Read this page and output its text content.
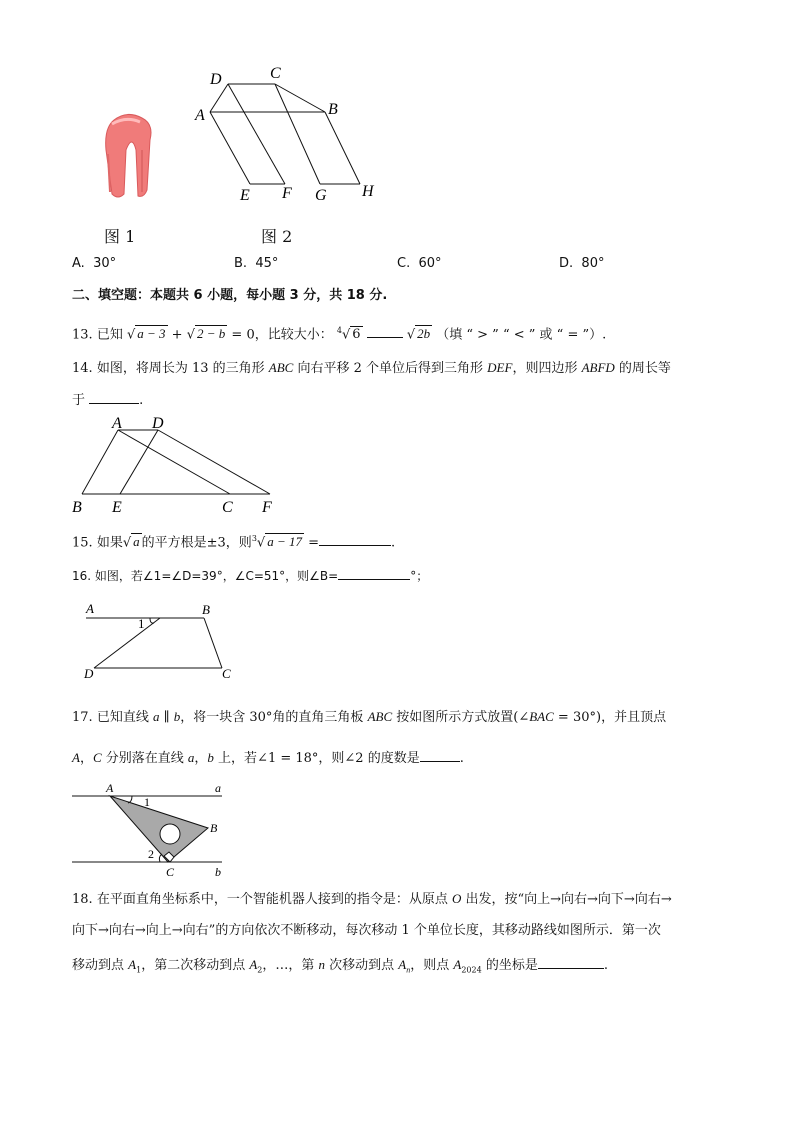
D	C
A	B
E F G H
图 1	图 2
A. 30°	B. 45°	C. 60°	D. 80°
二、填空题：本题共 6 小题，每小题 3 分，共 18 分.
13. 已知 √ a − 3 + √ 2 − b = 0，比较大小： $^4$√ 6	√ 2b （填 “ > ” “ < ” 或 “ = ”）.
14. 如图，将周长为 13 的三角形 ABC 向右平移 2 个单位后得到三角形 DEF，则四边形 ABFD 的周长等
于	.
A D
B E	C F
15. 如果√ a 的平方根是±3，则$^3$√ a − 17 =	.
16. 如图，若∠1=∠D=39°，∠C=51°，则∠B=	°；
A	B
D	C
1
17. 已知直线 a ∥ b，将一块含 30°角的直角三角板 ABC 按如图所示方式放置(∠BAC = 30°)，并且顶点
A，C 分别落在直线 a，b 上，若∠1 = 18°，则∠2 的度数是	.
A	a
1
B
2
C	b
18. 在平面直角坐标系中，一个智能机器人接到的指令是：从原点 O 出发，按“向上→向右→向下→向右→
向下→向右→向上→向右”的方向依次不断移动，每次移动 1 个单位长度，其移动路线如图所示．第一次
移动到点 $A_1$，第二次移动到点 $A_2$，…，第 n 次移动到点 $A_n$，则点 $A_{2024}$ 的坐标是	.
